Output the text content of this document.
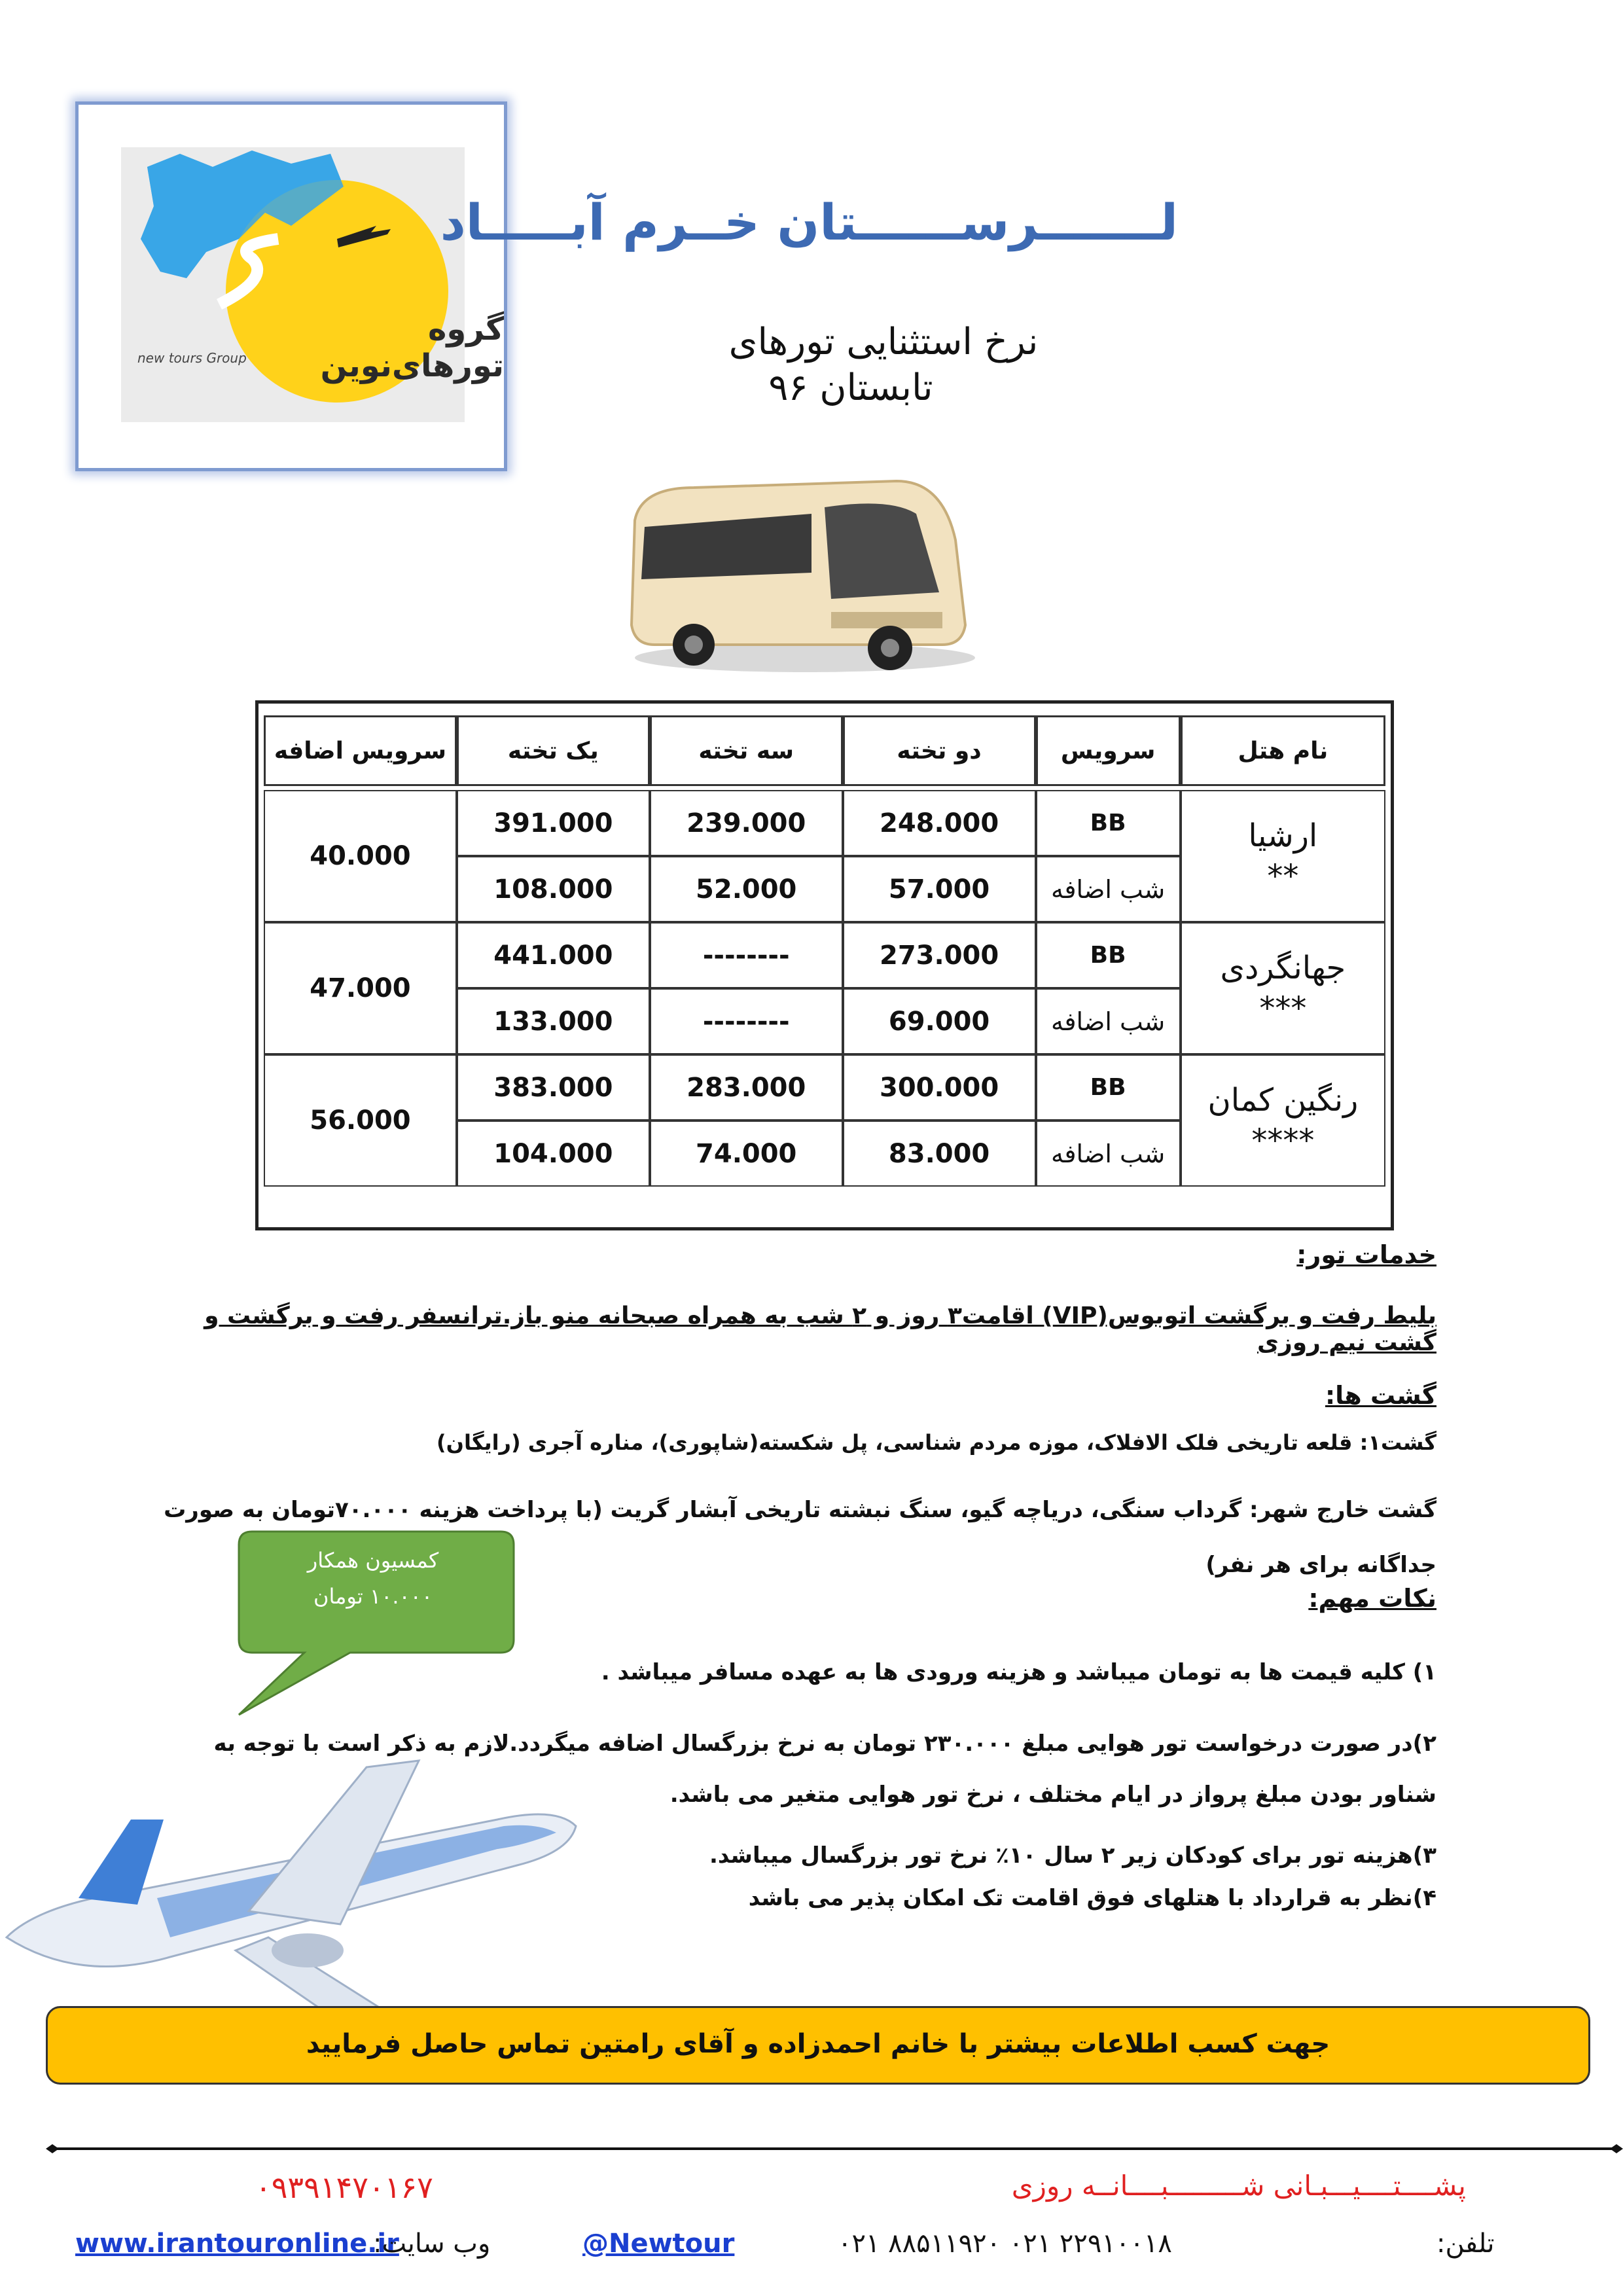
گروه تورهای‌نوین
new tours Group
لـــــــرســــــتان خــرم آبـــــاد
نرخ استثنایی تورهای
تابستان ۹۶
نام هتل	سرویس	دو تخته	سه تخته	یک تخته	سرویس اضافه
ارشیا
**	BB	248.000	239.000	391.000	40.000
	شب اضافه	57.000	52.000	108.000	
جهانگردی
***	BB	273.000	--------	441.000	47.000
	شب اضافه	69.000	--------	133.000	
رنگین کمان
****	BB	300.000	283.000	383.000	56.000
	شب اضافه	83.000	74.000	104.000	
خدمات تور:
بلیط رفت و برگشت اتوبوس(VIP) اقامت۳ روز و ۲ شب به همراه صبحانه منو باز.ترانسفر رفت و برگشت و گشت نیم روزی
گشت ها:
گشت۱: قلعه تاریخی فلک الافلاک، موزه مردم شناسی، پل شکسته(شاپوری)، مناره آجری (رایگان)
گشت خارج شهر: گرداب سنگی، دریاچه گیو، سنگ نبشته تاریخی آبشار گریت (با پرداخت هزینه ۷۰.۰۰۰تومان به صورت جداگانه برای هر نفر)
کمسیون همکار
۱۰.۰۰۰ تومان	نکات مهم:
۱) کلیه قیمت ها به تومان میباشد و هزینه ورودی ها به عهده مسافر میباشد .
۲)در صورت درخواست تور هوایی مبلغ ۲۳۰.۰۰۰ تومان به نرخ بزرگسال اضافه میگردد.لازم به ذکر است با توجه به شناور بودن مبلغ پرواز در ایام مختلف ، نرخ تور هوایی متغیر می باشد.
۳)هزینه تور برای کودکان زیر ۲ سال ۱۰٪ نرخ تور بزرگسال میباشد.
۴)نظر به قرارداد با هتلهای فوق اقامت تک امکان پذیر می باشد
جهت کسب اطلاعات بیشتر با خانم احمدزاده و آقای رامتین تماس حاصل فرمایید
پشــــتــــیـــبـانی شـــــــــبــــانــه روزی
۰۹۳۹۱۴۷۰۱۶۷
www.irantouronline.ir
وب سایت:	@Newtour	۰۲۱ ۸۸۵۱۱۹۲۰ ۰۲۱ ۲۲۹۱۰۰۱۸	تلفن:
